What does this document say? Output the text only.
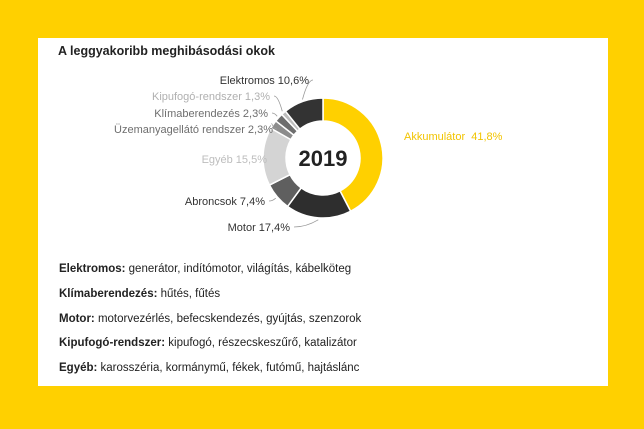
A leggyakoribb meghibásodási okok
Akkumulátor  41,8%
Motor 17,4%
Abroncsok 7,4%
Egyéb 15,5%
Üzemanyagellátó rendszer 2,3%
Klímaberendezés 2,3%
Kipufogó-rendszer 1,3%
Elektromos 10,6%
2019
Elektromos: generátor, indítómotor, világítás, kábelköteg
Klímaberendezés: hűtés, fűtés
Motor: motorvezérlés, befecskendezés, gyújtás, szenzorok
Kipufogó-rendszer: kipufogó, részecskeszűrő, katalizátor
Egyéb: karosszéria, kormánymű, fékek, futómű, hajtáslánc
